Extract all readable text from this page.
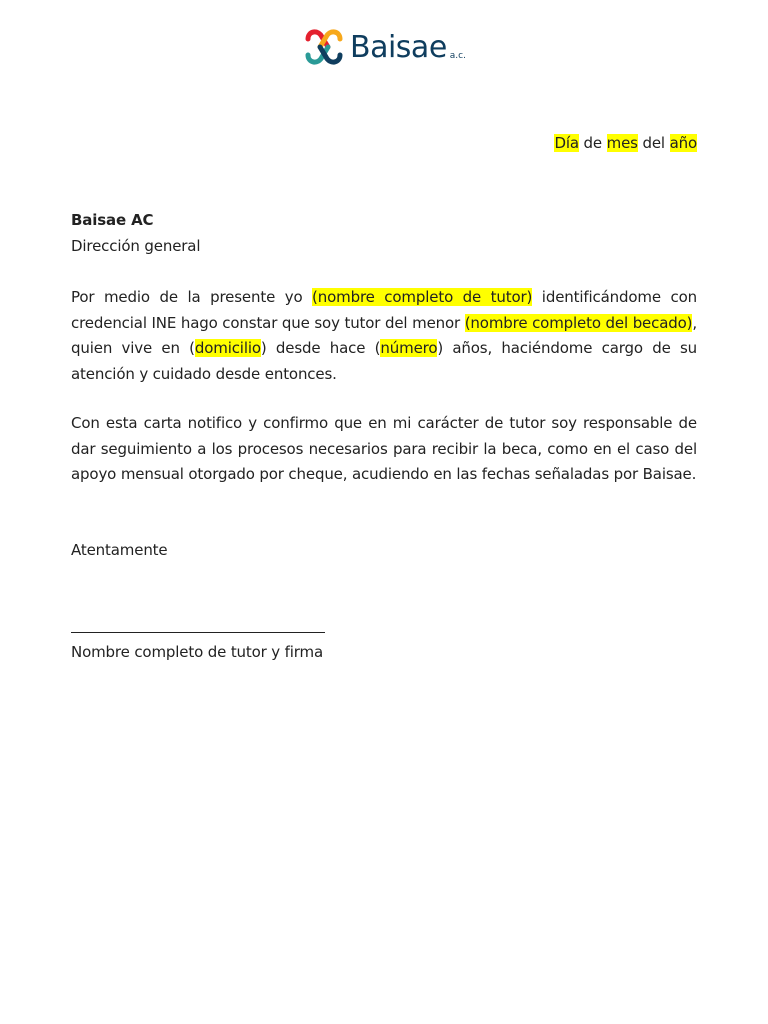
Baisae a.c.
Día de mes del año
Baisae AC
Dirección general
Por medio de la presente yo (nombre completo de tutor) identificándome con credencial INE hago constar que soy tutor del menor (nombre completo del becado), quien vive en (domicilio) desde hace (número) años, haciéndome cargo de su atención y cuidado desde entonces.
Con esta carta notifico y confirmo que en mi carácter de tutor soy responsable de dar seguimiento a los procesos necesarios para recibir la beca, como en el caso del apoyo mensual otorgado por cheque, acudiendo en las fechas señaladas por Baisae.
Atentamente
Nombre completo de tutor y firma
